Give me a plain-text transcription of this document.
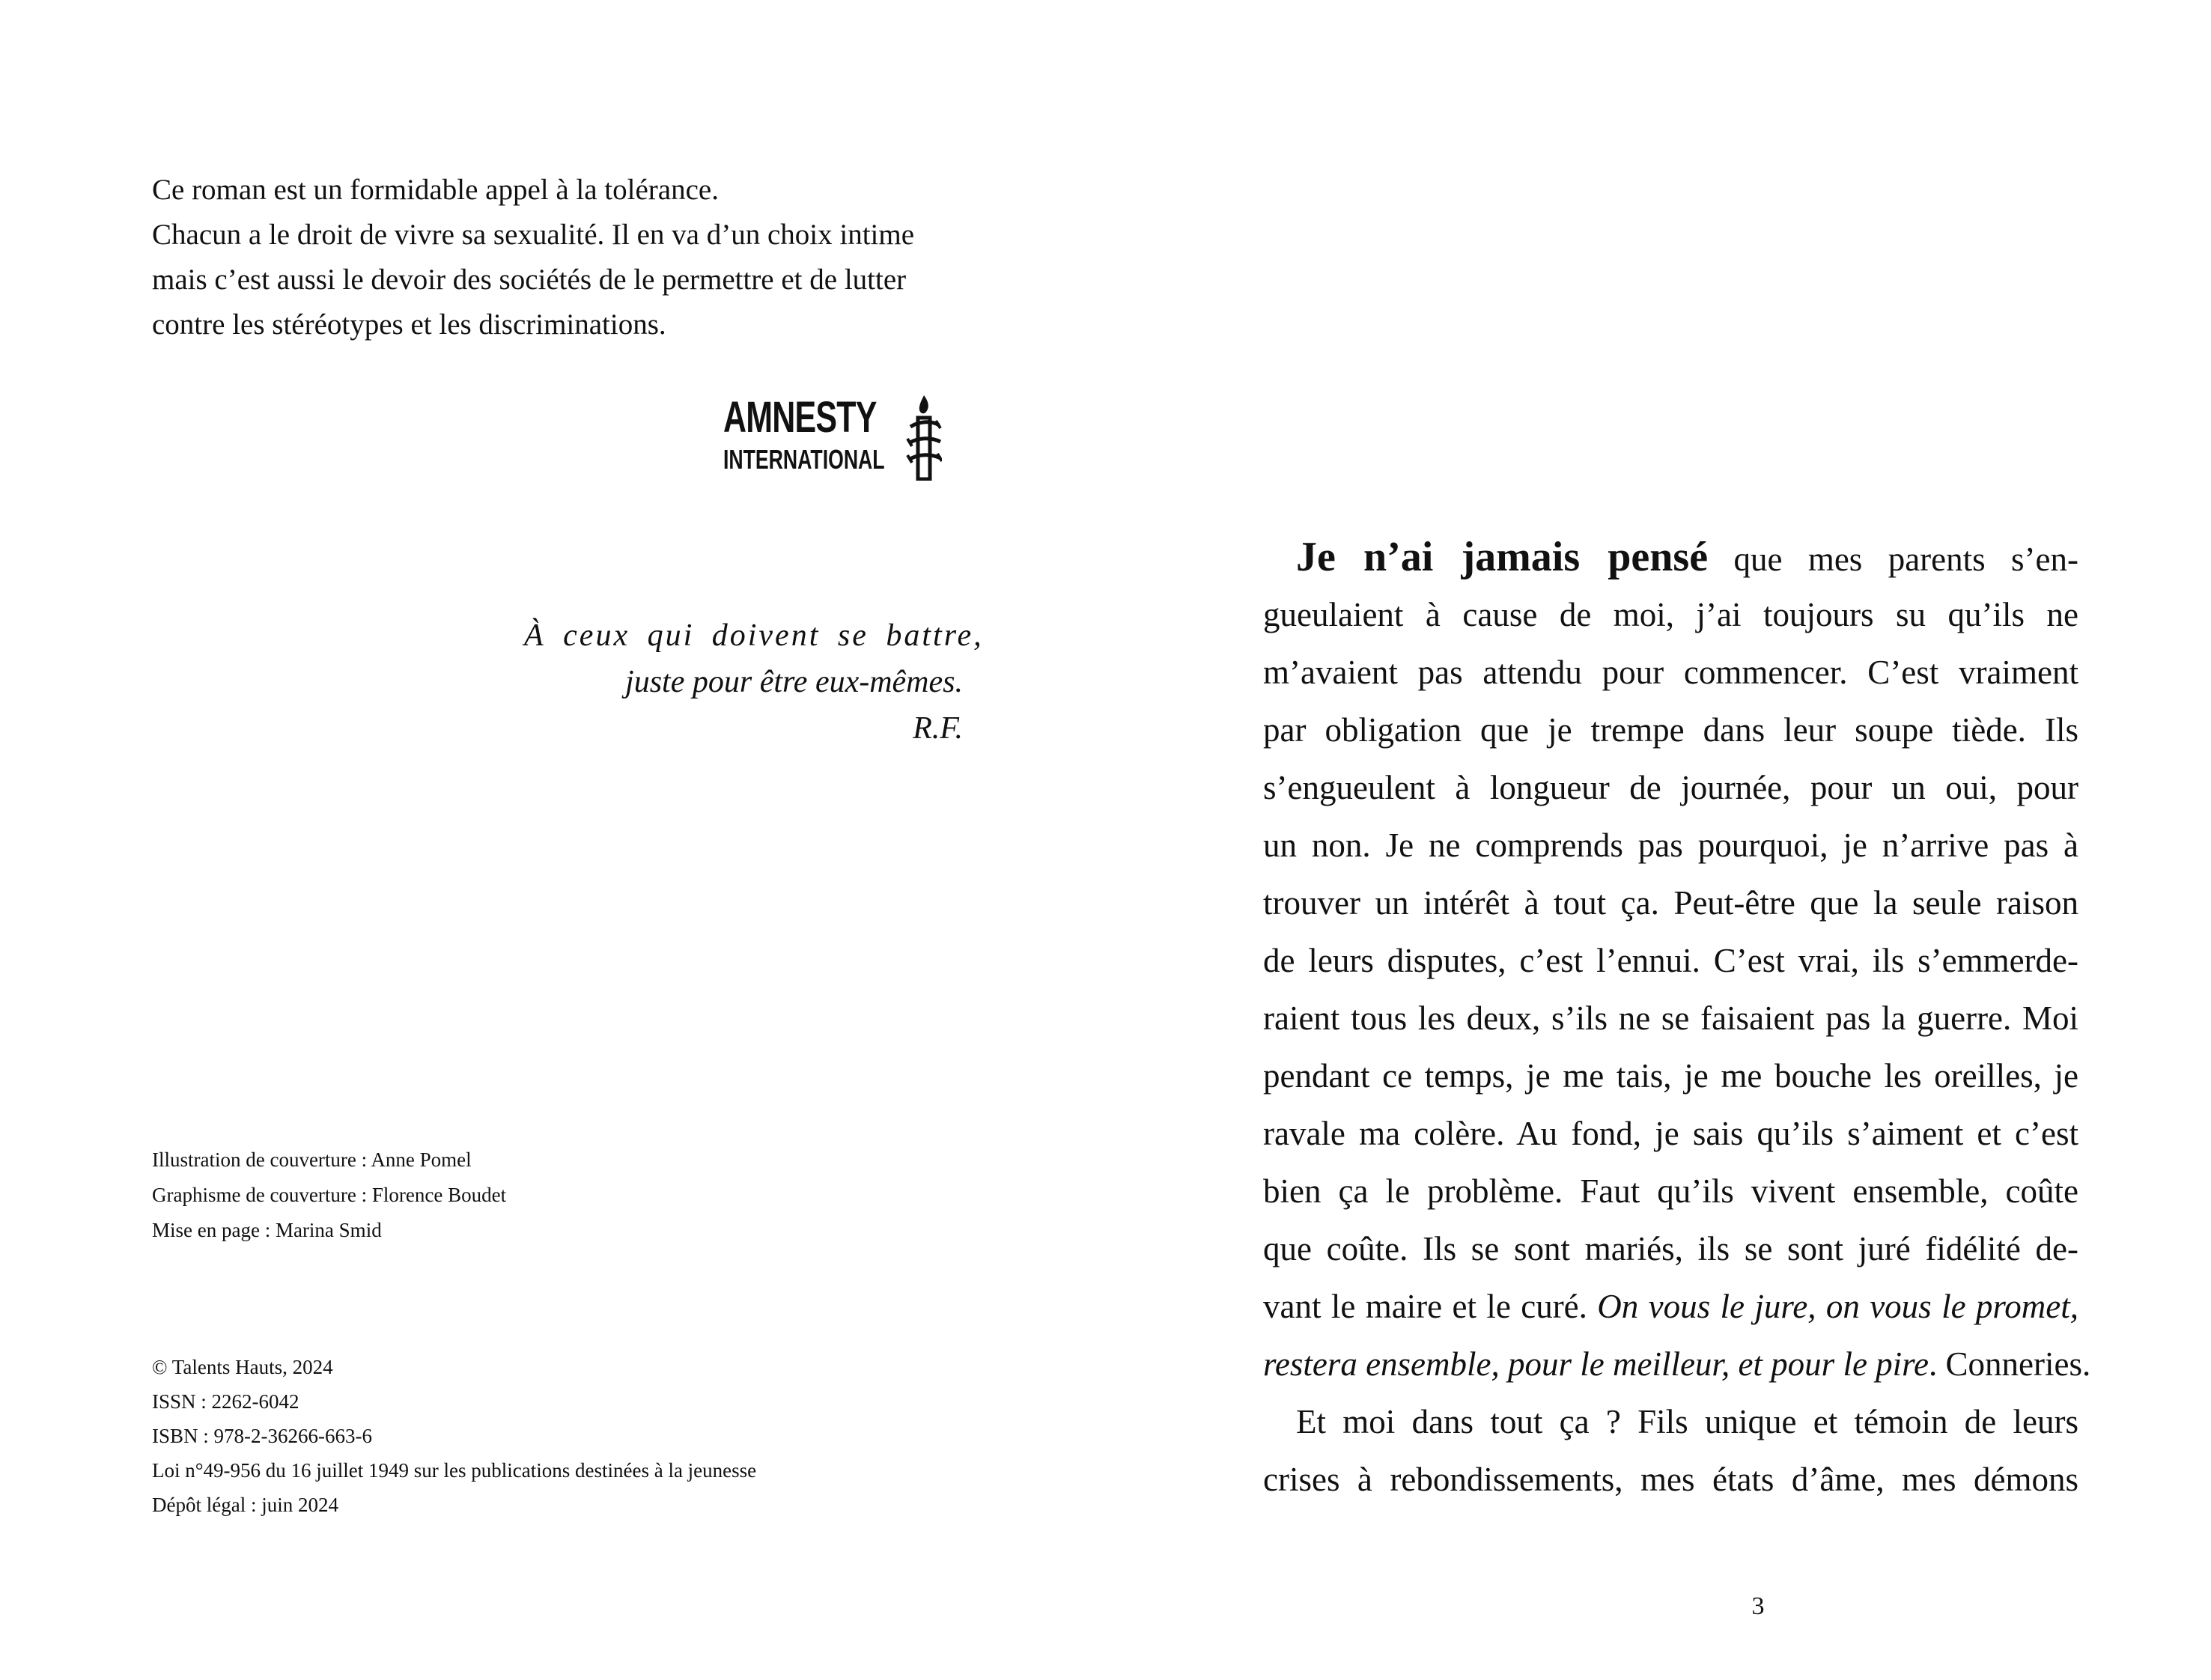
Ce roman est un formidable appel à la tolérance.

Chacun a le droit de vivre sa sexualité. Il en va d’un choix intime

mais c’est aussi le devoir des sociétés de le permettre et de lutter

contre les stéréotypes et les discriminations.

AMNESTY
INTERNATIONAL
À ceux qui doivent se battre,
juste pour être eux-mêmes.
R.F.
Illustration de couverture : Anne Pomel
Graphisme de couverture : Florence Boudet
Mise en page : Marina Smid
© Talents Hauts, 2024
ISSN : 2262-6042
ISBN : 978-2-36266-663-6
Loi n°49-956 du 16 juillet 1949 sur les publications destinées à la jeunesse
Dépôt légal : juin 2024
Je n’ai jamais pensé que mes parents s’en-
gueulaient à cause de moi, j’ai toujours su qu’ils ne
m’avaient pas attendu pour commencer. C’est vraiment
par obligation que je trempe dans leur soupe tiède. Ils
s’engueulent à longueur de journée, pour un oui, pour
un non. Je ne comprends pas pourquoi, je n’arrive pas à
trouver un intérêt à tout ça. Peut-être que la seule raison
de leurs disputes, c’est l’ennui. C’est vrai, ils s’emmerde-
raient tous les deux, s’ils ne se faisaient pas la guerre. Moi
pendant ce temps, je me tais, je me bouche les oreilles, je
ravale ma colère. Au fond, je sais qu’ils s’aiment et c’est
bien ça le problème. Faut qu’ils vivent ensemble, coûte
que coûte. Ils se sont mariés, ils se sont juré fidélité de-
vant le maire et le curé. On vous le jure, on vous le promet,
restera ensemble, pour le meilleur, et pour le pire. Conneries.
Et moi dans tout ça ? Fils unique et témoin de leurs
crises à rebondissements, mes états d’âme, mes démons
3
